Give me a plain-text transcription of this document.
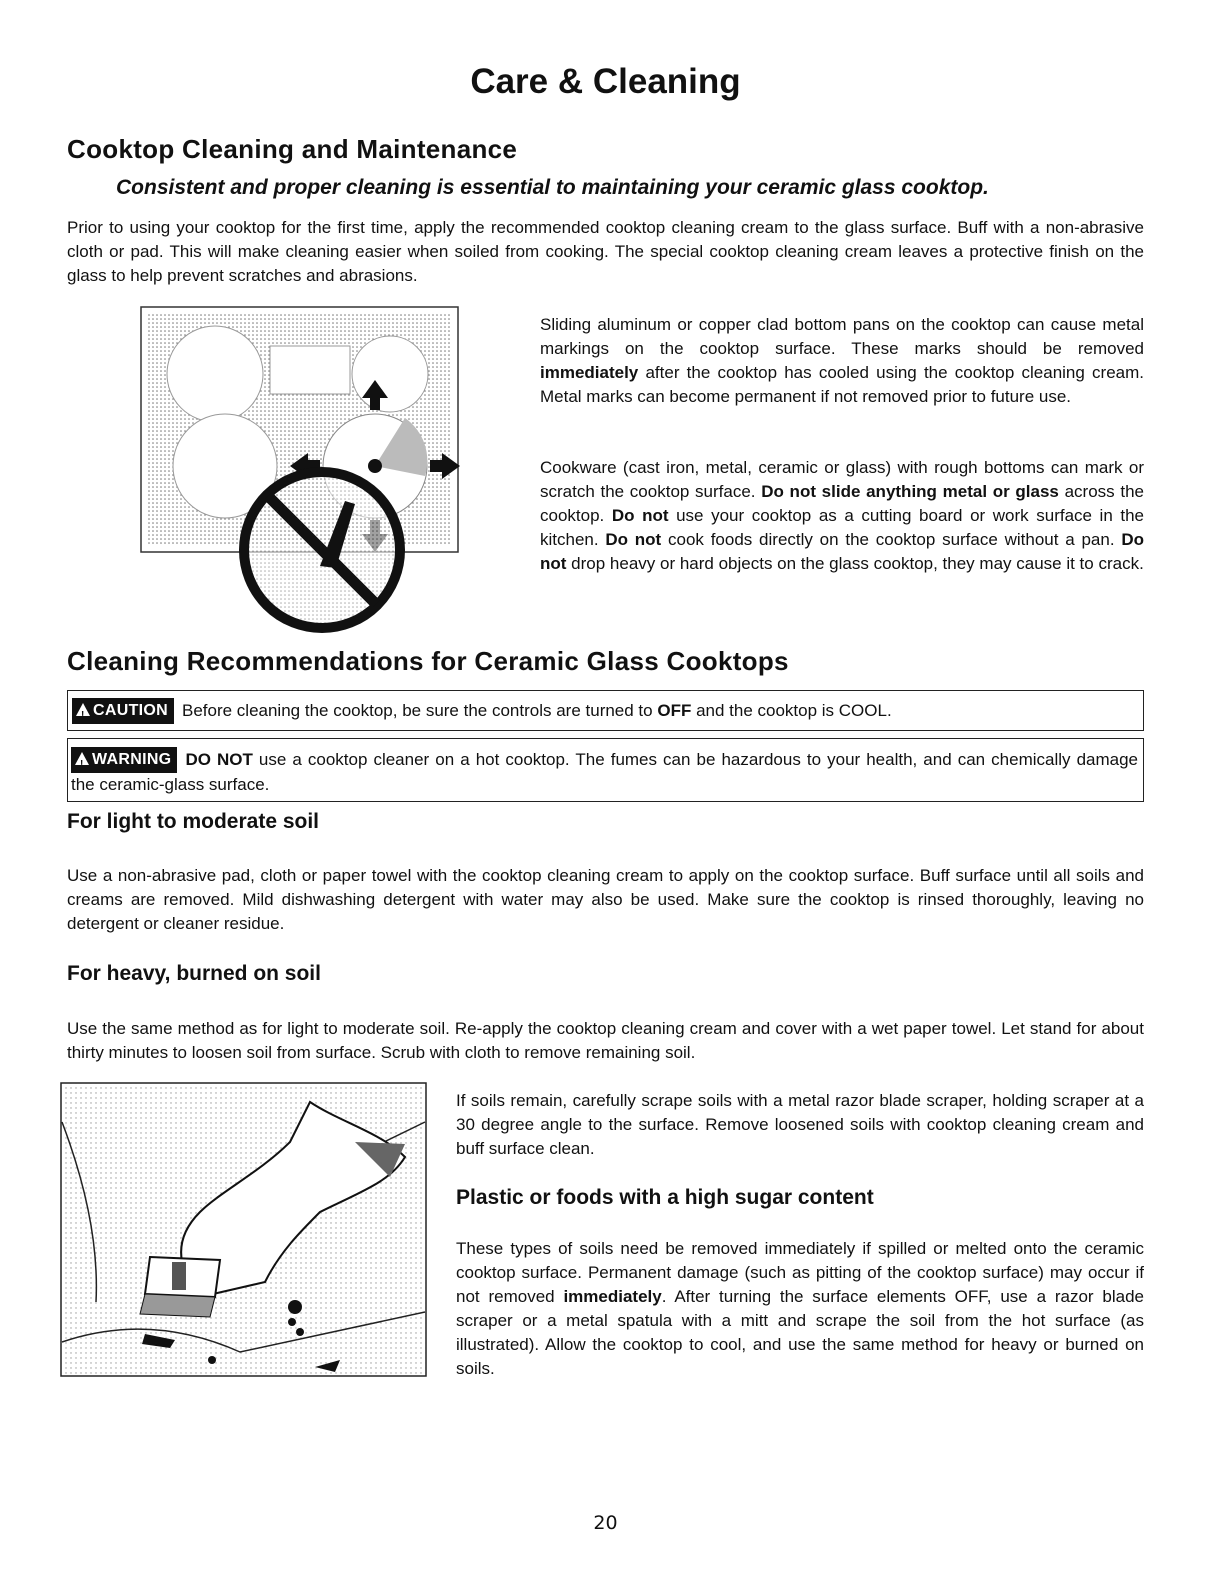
Care & Cleaning
Cooktop Cleaning and Maintenance
Consistent and proper cleaning is essential to maintaining your ceramic glass cooktop.
Prior to using your cooktop for the first time, apply the recommended cooktop cleaning cream to the glass surface. Buff with a non-abrasive cloth or pad. This will make cleaning easier when soiled from cooking. The special cooktop cleaning cream leaves a protective finish on the glass to help prevent scratches and abrasions.
Sliding aluminum or copper clad bottom pans on the cooktop can cause metal markings on the cooktop surface. These marks should be removed immediately after the cooktop has cooled using the cooktop cleaning cream. Metal marks can become permanent if not removed prior to future use.
Cookware (cast iron, metal, ceramic or glass) with rough bottoms can mark or scratch the cooktop surface. Do not slide anything metal or glass across the cooktop. Do not use your cooktop as a cutting board or work surface in the kitchen. Do not cook foods directly on the cooktop surface without a pan. Do not drop heavy or hard objects on the glass cooktop, they may cause it to crack.
Cleaning Recommendations for Ceramic Glass Cooktops
!CAUTION Before cleaning the cooktop, be sure the controls are turned to OFF and the cooktop is COOL.
!WARNING DO NOT use a cooktop cleaner on a hot cooktop. The fumes can be hazardous to your health, and can chemically damage the ceramic-glass surface.
For light to moderate soil
Use a non-abrasive pad, cloth or paper towel with the cooktop cleaning cream to apply on the cooktop surface. Buff surface until all soils and creams are removed. Mild dishwashing detergent with water may also be used. Make sure the cooktop is rinsed thoroughly, leaving no detergent or cleaner residue.
For heavy, burned on soil
Use the same method as for light to moderate soil. Re-apply the cooktop cleaning cream and cover with a wet paper towel. Let stand for about thirty minutes to loosen soil from surface. Scrub with cloth to remove remaining soil.
If soils remain, carefully scrape soils with a metal razor blade scraper, holding scraper at a 30 degree angle to the surface. Remove loosened soils with cooktop cleaning cream and buff surface clean.
Plastic or foods with a high sugar content
These types of soils need be removed immediately if spilled or melted onto the ceramic cooktop surface. Permanent damage (such as pitting of the cooktop surface) may occur if not removed immediately. After turning the surface elements OFF, use a razor blade scraper or a metal spatula with a mitt and scrape the soil from the hot surface (as illustrated). Allow the cooktop to cool, and use the same method for heavy or burned on soils.
20
